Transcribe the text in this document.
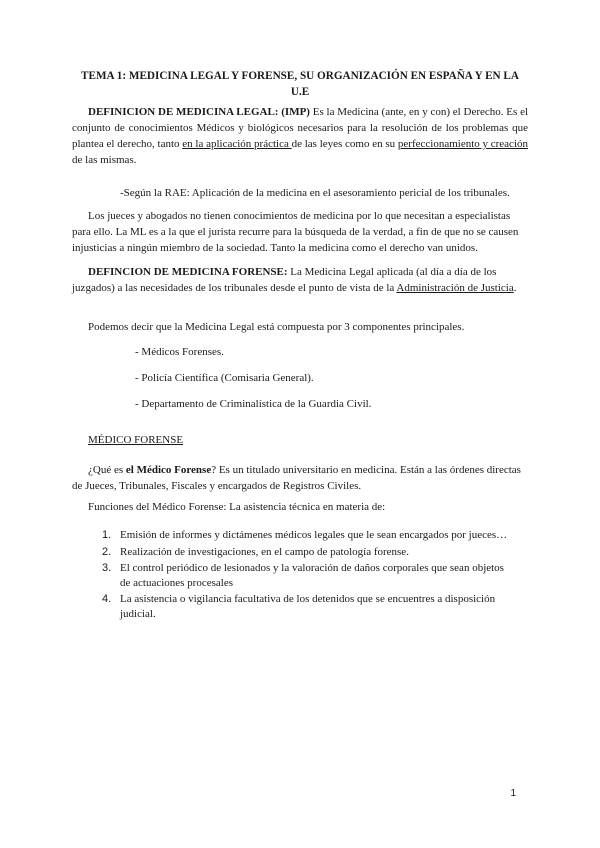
TEMA 1: MEDICINA LEGAL Y FORENSE, SU ORGANIZACIÓN EN ESPAÑA Y EN LA U.E

DEFINICION DE MEDICINA LEGAL: (IMP) Es la Medicina (ante, en y con) el Derecho. Es el conjunto de conocimientos Médicos y biológicos necesarios para la resolución de los problemas que plantea el derecho, tanto en la aplicación práctica de las leyes como en su perfeccionamiento y creación de las mismas.

-Según la RAE: Aplicación de la medicina en el asesoramiento pericial de los tribunales.

Los jueces y abogados no tienen conocimientos de medicina por lo que necesitan a especialistas para ello. La ML es a la que el jurista recurre para la búsqueda de la verdad, a fin de que no se causen injusticias a ningún miembro de la sociedad. Tanto la medicina como el derecho van unidos.

DEFINCION DE MEDICINA FORENSE: La Medicina Legal aplicada (al día a día de los juzgados) a las necesidades de los tribunales desde el punto de vista de la Administración de Justicia.

Podemos decir que la Medicina Legal está compuesta por 3 componentes principales.

- Médicos Forenses.
- Policía Científica (Comisaria General).
- Departamento de Criminalística de la Guardia Civil.
MÉDICO FORENSE

¿Qué es el Médico Forense? Es un titulado universitario en medicina. Están a las órdenes directas de Jueces, Tribunales, Fiscales y encargados de Registros Civiles.

Funciones del Médico Forense: La asistencia técnica en materia de:

1. Emisión de informes y dictámenes médicos legales que le sean encargados por jueces…
2. Realización de investigaciones, en el campo de patología forense.
3. El control periódico de lesionados y la valoración de daños corporales que sean objetos de actuaciones procesales
4. La asistencia o vigilancia facultativa de los detenidos que se encuentres a disposición judicial.
1
